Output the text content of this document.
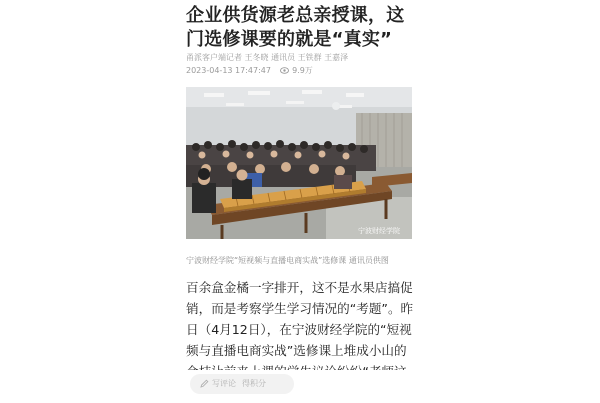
企业供货源老总亲授课，这门选修课要的就是“真实”
甬派客户端记者 王冬晓 通讯员 王铁群 王嘉泽
2023-04-13 17:47:47	9.9万
宁波财经学院
宁波财经学院“短视频与直播电商实战”选修课 通讯员供图

百余盒金橘一字排开，这不是水果店搞促销，而是考察学生学习情况的“考题”。昨日（4月12日），在宁波财经学院的“短视频与直播电商实战”选修课上堆成小山的

写评论 得积分
